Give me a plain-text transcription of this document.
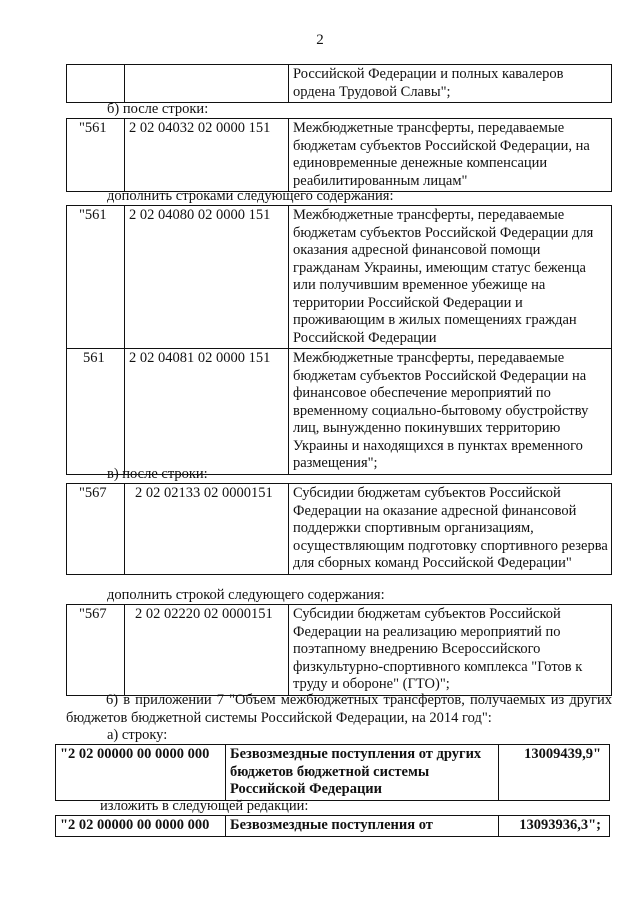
2
		Российской Федерации и полных кавалеров ордена Трудовой Славы";
б) после строки:
"561	2 02 04032 02 0000 151	Межбюджетные трансферты, передаваемые бюджетам субъектов Российской Федерации, на единовременные денежные компенсации реабилитированным лицам"
дополнить строками следующего содержания:
"561	2 02 04080 02 0000 151	Межбюджетные трансферты, передаваемые бюджетам субъектов Российской Федерации для оказания адресной финансовой помощи гражданам Украины, имеющим статус беженца или получившим временное убежище на территории Российской Федерации и проживающим в жилых помещениях граждан Российской Федерации
561	2 02 04081 02 0000 151	Межбюджетные трансферты, передаваемые бюджетам субъектов Российской Федерации на финансовое обеспечение мероприятий по временному социально-бытовому обустройству лиц, вынужденно покинувших территорию Украины и находящихся в пунктах временного размещения";
в) после строки:
"567	2 02 02133 02 0000151	Субсидии бюджетам субъектов Российской Федерации на оказание адресной финансовой поддержки спортивным организациям, осуществляющим подготовку спортивного резерва для сборных команд Российской Федерации"
дополнить строкой следующего содержания:
"567	2 02 02220 02 0000151	Субсидии бюджетам субъектов Российской Федерации на реализацию мероприятий по поэтапному внедрению Всероссийского физкультурно-спортивного комплекса "Готов к труду и обороне" (ГТО)";
6) в приложении 7 "Объем межбюджетных трансфертов, получаемых из других бюджетов бюджетной системы Российской Федерации, на 2014 год":
а) строку:
"2 02 00000 00 0000 000	Безвозмездные поступления от других бюджетов бюджетной системы Российской Федерации	13009439,9"
изложить в следующей редакции:
"2 02 00000 00 0000 000	Безвозмездные поступления от	13093936,3";
